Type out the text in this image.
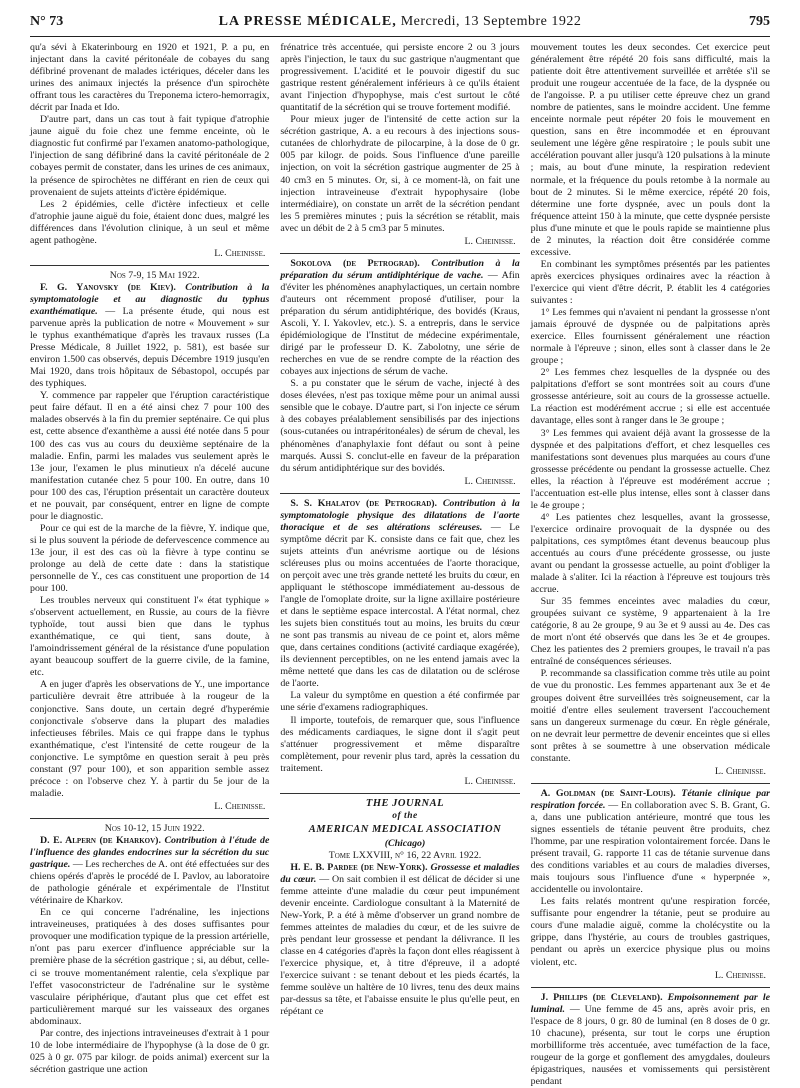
N° 73	LA PRESSE MÉDICALE, Mercredi, 13 Septembre 1922	795

qu'a sévi à Ekaterinbourg en 1920 et 1921, P. a pu, en injectant dans la cavité péritonéale de cobayes du sang défibriné provenant de malades ictériques, déceler dans les urines des animaux injectés la présence d'un spirochète offrant tous les caractères du Treponema ictero-hemorragix, décrit par Inada et Ido.

D'autre part, dans un cas tout à fait typique d'atrophie jaune aiguë du foie chez une femme enceinte, où le diagnostic fut confirmé par l'examen anatomo-pathologique, l'injection de sang défibriné dans la cavité péritonéale de 2 cobayes permit de constater, dans les urines de ces animaux, la présence de spirochètes ne différant en rien de ceux qui provenaient de sujets atteints d'ictère épidémique.

Les 2 épidémies, celle d'ictère infectieux et celle d'atrophie jaune aiguë du foie, étaient donc dues, malgré les différences dans l'évolution clinique, à un seul et même agent pathogène.

L. Cheinisse.

Nos 7-9, 15 Mai 1922.

F. G. Yanovsky (de Kiev). Contribution à la symptomatologie et au diagnostic du typhus exanthématique. — La présente étude, qui nous est parvenue après la publication de notre « Mouvement » sur le typhus exanthématique d'après les travaux russes (La Presse Médicale, 8 Juillet 1922, p. 581), est basée sur environ 1.500 cas observés, depuis Décembre 1919 jusqu'en Mai 1920, dans trois hôpitaux de Sébastopol, occupés par des typhiques.

Y. commence par rappeler que l'éruption caractéristique peut faire défaut. Il en a été ainsi chez 7 pour 100 des malades observés à la fin du premier septénaire. Ce qui plus est, cette absence d'exanthème a aussi été notée dans 5 pour 100 des cas vus au cours du deuxième septénaire de la maladie. Enfin, parmi les malades vus seulement après le 13e jour, l'examen le plus minutieux n'a décelé aucune manifestation cutanée chez 5 pour 100. En outre, dans 10 pour 100 des cas, l'éruption présentait un caractère douteux et ne pouvait, par conséquent, entrer en ligne de compte pour le diagnostic.

Pour ce qui est de la marche de la fièvre, Y. indique que, si le plus souvent la période de defervescence commence au 13e jour, il est des cas où la fièvre à type continu se prolonge au delà de cette date : dans la statistique personnelle de Y., ces cas constituent une proportion de 14 pour 100.

Les troubles nerveux qui constituent l'« état typhique » s'observent actuellement, en Russie, au cours de la fièvre typhoïde, tout aussi bien que dans le typhus exanthématique, ce qui tient, sans doute, à l'amoindrissement général de la résistance d'une population ayant beaucoup souffert de la guerre civile, de la famine, etc.

A en juger d'après les observations de Y., une importance particulière devrait être attribuée à la rougeur de la conjonctive. Sans doute, un certain degré d'hyperémie conjonctivale s'observe dans la plupart des maladies infectieuses fébriles. Mais ce qui frappe dans le typhus exanthématique, c'est l'intensité de cette rougeur de la conjonctive. Le symptôme en question serait à peu près constant (97 pour 100), et son apparition semble assez précoce : on l'observe chez Y. à partir du 5e jour de la maladie.

L. Cheinisse.

Nos 10-12, 15 Juin 1922.

D. E. Alpern (de Kharkov). Contribution à l'étude de l'influence des glandes endocrines sur la sécrétion du suc gastrique. — Les recherches de A. ont été effectuées sur des chiens opérés d'après le procédé de I. Pavlov, au laboratoire de pathologie générale et expérimentale de l'Institut vétérinaire de Kharkov.

En ce qui concerne l'adrénaline, les injections intraveineuses, pratiquées à des doses suffisantes pour provoquer une modification typique de la pression artérielle, n'ont pas paru exercer d'influence appréciable sur la première phase de la sécrétion gastrique ; si, au début, celle-ci se trouve momentanément ralentie, cela s'explique par l'effet vasoconstricteur de l'adrénaline sur le système vasculaire périphérique, d'autant plus que cet effet est particulièrement marqué sur les vaisseaux des organes abdominaux.

Par contre, des injections intraveineuses d'extrait à 1 pour 10 de lobe intermédiaire de l'hypophyse (à la dose de 0 gr. 025 à 0 gr. 075 par kilogr. de poids animal) exercent sur la sécrétion gastrique une action

frénatrice très accentuée, qui persiste encore 2 ou 3 jours après l'injection, le taux du suc gastrique n'augmentant que progressivement. L'acidité et le pouvoir digestif du suc gastrique restent généralement inférieurs à ce qu'ils étaient avant l'injection d'hypophyse, mais c'est surtout le côté quantitatif de la sécrétion qui se trouve fortement modifié.

Pour mieux juger de l'intensité de cette action sur la sécrétion gastrique, A. a eu recours à des injections sous-cutanées de chlorhydrate de pilocarpine, à la dose de 0 gr. 005 par kilogr. de poids. Sous l'influence d'une pareille injection, on voit la sécrétion gastrique augmenter de 25 à 40 cm3 en 5 minutes. Or, si, à ce moment-là, on fait une injection intraveineuse d'extrait hypophysaire (lobe intermédiaire), on constate un arrêt de la sécrétion pendant les 5 premières minutes ; puis la sécrétion se rétablit, mais avec un débit de 2 à 5 cm3 par 5 minutes.

L. Cheinisse.

Sokolova (de Petrograd). Contribution à la préparation du sérum antidiphtérique de vache. — Afin d'éviter les phénomènes anaphylactiques, un certain nombre d'auteurs ont récemment proposé d'utiliser, pour la préparation du sérum antidiphtérique, des bovidés (Kraus, Ascoli, Y. I. Yakovlev, etc.). S. a entrepris, dans le service épidémiologique de l'Institut de médecine expérimentale, dirigé par le professeur D. K. Zabolotny, une série de recherches en vue de se rendre compte de la réaction des cobayes aux injections de sérum de vache.

S. a pu constater que le sérum de vache, injecté à des doses élevées, n'est pas toxique même pour un animal aussi sensible que le cobaye. D'autre part, si l'on injecte ce sérum à des cobayes préalablement sensibilisés par des injections (sous-cutanées ou intrapéritonéales) de sérum de cheval, les phénomènes d'anaphylaxie font défaut ou sont à peine marqués. Aussi S. conclut-elle en faveur de la préparation du sérum antidiphtérique sur des bovidés.

L. Cheinisse.

S. S. Khalatov (de Petrograd). Contribution à la symptomatologie physique des dilatations de l'aorte thoracique et de ses altérations scléreuses. — Le symptôme décrit par K. consiste dans ce fait que, chez les sujets atteints d'un anévrisme aortique ou de lésions scléreuses plus ou moins accentuées de l'aorte thoracique, on perçoit avec une très grande netteté les bruits du cœur, en appliquant le stéthoscope immédiatement au-dessous de l'angle de l'omoplate droite, sur la ligne axillaire postérieure et dans le septième espace intercostal. A l'état normal, chez les sujets bien constitués tout au moins, les bruits du cœur ne sont pas transmis au niveau de ce point et, alors même que, dans certaines conditions (activité cardiaque exagérée), ils deviennent perceptibles, on ne les entend jamais avec la même netteté que dans les cas de dilatation ou de sclérose de l'aorte.

La valeur du symptôme en question a été confirmée par une série d'examens radiographiques.

Il importe, toutefois, de remarquer que, sous l'influence des médicaments cardiaques, le signe dont il s'agit peut s'atténuer progressivement et même disparaître complètement, pour revenir plus tard, après la cessation du traitement.

L. Cheinisse.

THE JOURNAL

of the

AMERICAN MEDICAL ASSOCIATION

(Chicago)

Tome LXXVIII, n° 16, 22 Avril 1922.

H. E. B. Pardee (de New-York). Grossesse et maladies du cœur. — On sait combien il est délicat de décider si une femme atteinte d'une maladie du cœur peut impunément devenir enceinte. Cardiologue consultant à la Maternité de New-York, P. a été à même d'observer un grand nombre de femmes atteintes de maladies du cœur, et de les suivre de près pendant leur grossesse et pendant la délivrance. Il les classe en 4 catégories d'après la façon dont elles réagissent à l'exercice physique, et, à titre d'épreuve, il a adopté l'exercice suivant : se tenant debout et les pieds écartés, la femme soulève un haltère de 10 livres, tenu des deux mains par-dessus sa tête, et l'abaisse ensuite le plus qu'elle peut, en répétant ce

mouvement toutes les deux secondes. Cet exercice peut généralement être répété 20 fois sans difficulté, mais la patiente doit être attentivement surveillée et arrêtée s'il se produit une rougeur accentuée de la face, de la dyspnée ou de l'angoisse. P. a pu utiliser cette épreuve chez un grand nombre de patientes, sans le moindre accident. Une femme enceinte normale peut répéter 20 fois le mouvement en question, sans en être incommodée et en éprouvant seulement une légère gêne respiratoire ; le pouls subit une accélération pouvant aller jusqu'à 120 pulsations à la minute ; mais, au bout d'une minute, la respiration redevient normale, et la fréquence du pouls retombe à la normale au bout de 2 minutes. Si le même exercice, répété 20 fois, détermine une forte dyspnée, avec un pouls dont la fréquence atteint 150 à la minute, que cette dyspnée persiste plus d'une minute et que le pouls rapide se maintienne plus de 2 minutes, la réaction doit être considérée comme excessive.

En combinant les symptômes présentés par les patientes après exercices physiques ordinaires avec la réaction à l'exercice qui vient d'être décrit, P. établit les 4 catégories suivantes :

1° Les femmes qui n'avaient ni pendant la grossesse n'ont jamais éprouvé de dyspnée ou de palpitations après exercice. Elles fournissent généralement une réaction normale à l'épreuve ; sinon, elles sont à classer dans le 2e groupe ;

2° Les femmes chez lesquelles de la dyspnée ou des palpitations d'effort se sont montrées soit au cours d'une grossesse antérieure, soit au cours de la grossesse actuelle. La réaction est modérément accrue ; si elle est accentuée davantage, elles sont à ranger dans le 3e groupe ;

3° Les femmes qui avaient déjà avant la grossesse de la dyspnée et des palpitations d'effort, et chez lesquelles ces manifestations sont devenues plus marquées au cours d'une grossesse précédente ou pendant la grossesse actuelle. Chez elles, la réaction à l'épreuve est modérément accrue ; l'accentuation est-elle plus intense, elles sont à classer dans le 4e groupe ;

4° Les patientes chez lesquelles, avant la grossesse, l'exercice ordinaire provoquait de la dyspnée ou des palpitations, ces symptômes étant devenus beaucoup plus accentués au cours d'une précédente grossesse, ou juste avant ou pendant la grossesse actuelle, au point d'obliger la malade à s'aliter. Ici la réaction à l'épreuve est toujours très accrue.

Sur 35 femmes enceintes avec maladies du cœur, groupées suivant ce système, 9 appartenaient à la 1re catégorie, 8 au 2e groupe, 9 au 3e et 9 aussi au 4e. Des cas de mort n'ont été observés que dans les 3e et 4e groupes. Chez les patientes des 2 premiers groupes, le travail n'a pas entraîné de conséquences sérieuses.

P. recommande sa classification comme très utile au point de vue du pronostic. Les femmes appartenant aux 3e et 4e groupes doivent être surveillées très soigneusement, car la moitié d'entre elles seulement traversent l'accouchement sans un dangereux surmenage du cœur. En règle générale, on ne devrait leur permettre de devenir enceintes que si elles sont prêtes à se soumettre à une observation médicale constante.

L. Cheinisse.

A. Goldman (de Saint-Louis). Tétanie clinique par respiration forcée. — En collaboration avec S. B. Grant, G. a, dans une publication antérieure, montré que tous les signes essentiels de tétanie peuvent être produits, chez l'homme, par une respiration volontairement forcée. Dans le présent travail, G. rapporte 11 cas de tétanie survenue dans des conditions variables et au cours de maladies diverses, mais toujours sous l'influence d'une « hyperpnée », accidentelle ou involontaire.

Les faits relatés montrent qu'une respiration forcée, suffisante pour engendrer la tétanie, peut se produire au cours d'une maladie aiguë, comme la cholécystite ou la grippe, dans l'hystérie, au cours de troubles gastriques, pendant ou après un exercice physique plus ou moins violent, etc.

L. Cheinisse.

J. Phillips (de Cleveland). Empoisonnement par le luminal. — Une femme de 45 ans, après avoir pris, en l'espace de 8 jours, 0 gr. 80 de luminal (en 8 doses de 0 gr. 10 chacune), présenta, sur tout le corps une éruption morbilliforme très accentuée, avec tuméfaction de la face, rougeur de la gorge et gonflement des amygdales, douleurs épigastriques, nausées et vomissements qui persistèrent pendant
